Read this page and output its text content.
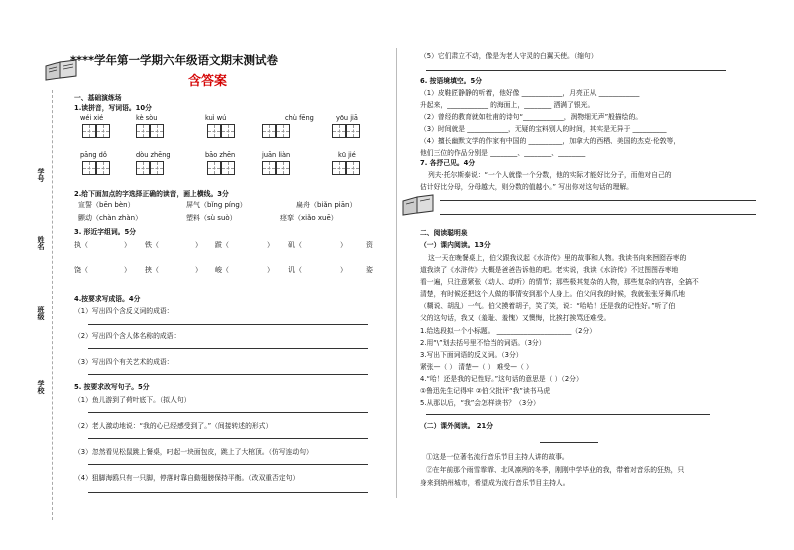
学号
姓名
班级
学校
****学年第一学期六年级语文期末测试卷
含答案
一、基础演练场
1.读拼音，写词语。10分
wéi xié	kè sòu	kuì wú	chù fēng	yōu jiā
pāng dǒ	dòu zhēng	bāo zhēn	juān liàn	kū jié
2.给下面加点的字选择正确的读音，画上横线。3分
宣誓（bēn bèn）	屏气（bǐng píng）	扁舟（biǎn piān）
颤动（chàn zhàn）	塑料（sù suò）	痉挛（xiǎo xuē）
3. 形近字组词。5分
执（	） 铁（	） 跋（	） 矶（	）	资
饶（	） 挟（	） 峻（	） 讥（	）	姿
4.按要求写成语。4分
（1）写出四个含反义词的成语：
（2）写出四个含人体名称的成语：
（3）写出四个有关艺术的成语：
5. 按要求改写句子。5分
（1）鱼儿游到了荷叶底下。（拟人句）
（2）老人激动地说：“我的心已经感受到了。”（间接转述的形式）
（3）忽然看见松鼠跳上餐桌，叼起一块面包皮，跳上了大棺顶。（仿写连动句）
（4）狙脚海鸥只有一只脚，停落时靠自動翅膀保持平衡。（改双重否定句）
（5）它们肃立不动，像是为老人守灵的白翼天使。（缩句）
6. 按语境填空。5分
（1）皮鞋匠静静的听着，他好像 ____________，月亮正从 ____________
升起来，____________ 的海面上，________ 洒满了银光。
（2）曾经的教育就如杜甫的诗句“____________，润物细无声”般描绘的。
（3）时间就是 ____________，无疑的宝料别人的时间，其实是无异于 __________
（4）擅长幽默文学的作家有中国的 __________，加拿大的西栖、美国的杰克·伦敦等，
他们三位的作品分别是 ________、________、________
7. 各抒己见。4分
列夫·托尔斯泰说：“一个人就像一个分数，他的实际才能好比分子，而他对自己的
估计好比分母，分母越大，则分数的值越小。” 写出你对这句话的理解。
二、阅读聪明泉
（一）课内阅读。13分
这一天在晚餐桌上，伯父跟我议起《水浒传》里的故事和人物。我读书向来囫囵吞枣的
道我读了《水浒传》大概是爸爸告诉他的吧。老实说，我读《水浒传》不过图图吞枣地
看一遍，只注意紧张（动人、动听）的情节；那些极其复杂的人物，那些复杂的内容，全搞不
清楚，有时候还把这个人做的事情安到那个人身上。伯父问我的时候，我就张张牙舞爪地
（糊说、胡乱）一气。伯父摸着胡子，笑了笑，说：“哈哈！还是我的记性好。”听了伯
父的这句话，我又（羞耻、羞愧）又懊悔，比挨打挨骂还难受。
1.给选段拟一个小标题。 ______________________（2分）
2.用“\”划去括号里不恰当的词语。（3分）
3.写出下面词语的反义词。（3分）
紧张—（ ） 清楚—（ ） 难受—（ ）
4.“哈！还是我的记性好。”这句话的意思是（ ）（2分）
①鲁迅先生记得牢 ②伯父批评“我”读书马虎
5.从那以后，“我”会怎样读书？（3分）
（二）课外阅读。 21分
①这是一位著名流行音乐节目主持人讲的故事。
②在年前那个雨雪霏霏、北风凛冽的冬季，刚刚中学毕业的我，带着对音乐的狂热，只
身来到纳州城市，希望成为流行音乐节目主持人。
